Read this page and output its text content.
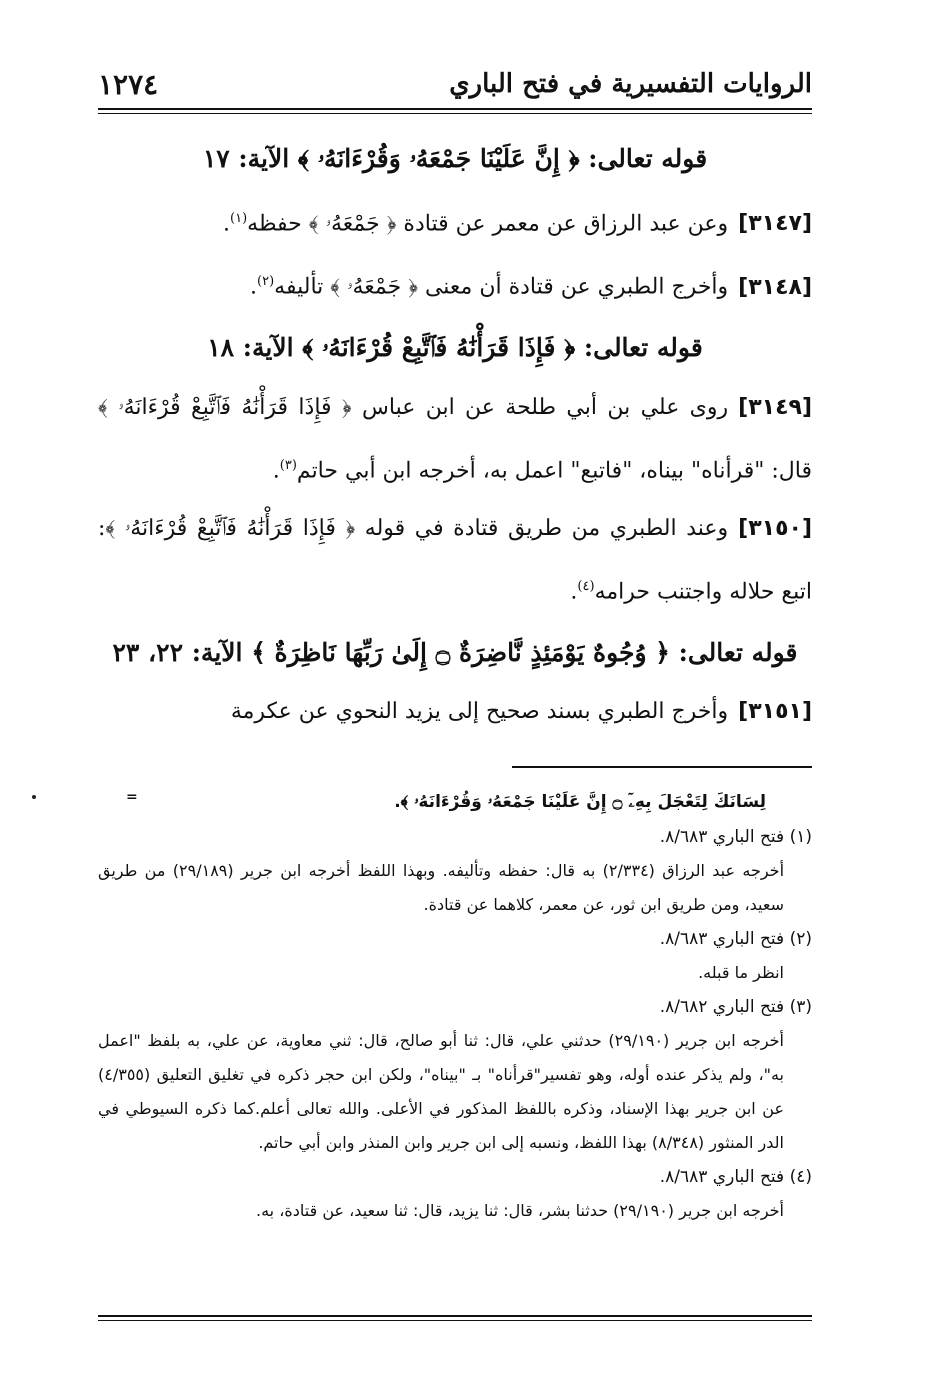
١٢٧٤	الروايات التفسيرية في فتح الباري
قوله تعالى: ﴿ إِنَّ عَلَيْنَا جَمْعَهُۥ وَقُرْءَانَهُۥ ﴾ الآية: ١٧

[٣١٤٧]وعن عبد الرزاق عن معمر عن قتادة ﴿ جَمْعَهُۥ ﴾ حفظه$^{(١)}$.

[٣١٤٨]وأخرج الطبري عن قتادة أن معنى ﴿ جَمْعَهُۥ ﴾ تأليفه$^{(٢)}$.

قوله تعالى: ﴿ فَإِذَا قَرَأْنَٰهُ فَٱتَّبِعْ قُرْءَانَهُۥ ﴾ الآية: ١٨

[٣١٤٩]روى علي بن أبي طلحة عن ابن عباس ﴿ فَإِذَا قَرَأْنَٰهُ فَٱتَّبِعْ قُرْءَانَهُۥ ﴾ قال: "قرأناه" بيناه، "فاتبع" اعمل به، أخرجه ابن أبي حاتم$^{(٣)}$.

[٣١٥٠]وعند الطبري من طريق قتادة في قوله ﴿ فَإِذَا قَرَأْنَٰهُ فَٱتَّبِعْ قُرْءَانَهُۥ ﴾: اتبع حلاله واجتنب حرامه$^{(٤)}$.

قوله تعالى: ﴿ وُجُوهٌ يَوْمَئِذٍ نَّاضِرَةٌ ۝ إِلَىٰ رَبِّهَا نَاظِرَةٌ ﴾ الآية: ٢٢، ٢٣

[٣١٥١]وأخرج الطبري بسند صحيح إلى يزيد النحوي عن عكرمة

=	لِسَانَكَ لِتَعْجَلَ بِهِۦٓ ۝ إِنَّ عَلَيْنَا جَمْعَهُۥ وَقُرْءَانَهُۥ ﴾.
(١) فتح الباري ٨/٦٨٣.
أخرجه عبد الرزاق (٢/٣٣٤) به قال: حفظه وتأليفه. وبهذا اللفظ أخرجه ابن جرير (٢٩/١٨٩) من طريق سعيد، ومن طريق ابن ثور، عن معمر، كلاهما عن قتادة.
(٢) فتح الباري ٨/٦٨٣.
انظر ما قبله.
(٣) فتح الباري ٨/٦٨٢.
أخرجه ابن جرير (٢٩/١٩٠) حدثني علي، قال: ثنا أبو صالح، قال: ثني معاوية، عن علي، به بلفظ "اعمل به"، ولم يذكر عنده أوله، وهو تفسير"قرأناه" بـ "بيناه"، ولكن ابن حجر ذكره في تغليق التعليق (٤/٣٥٥) عن ابن جرير بهذا الإسناد، وذكره باللفظ المذكور في الأعلى. والله تعالى أعلم.كما ذكره السيوطي في الدر المنثور (٨/٣٤٨) بهذا اللفظ، ونسبه إلى ابن جرير وابن المنذر وابن أبي حاتم.
(٤) فتح الباري ٨/٦٨٣.
أخرجه ابن جرير (٢٩/١٩٠) حدثنا بشر، قال: ثنا يزيد، قال: ثنا سعيد، عن قتادة، به.
